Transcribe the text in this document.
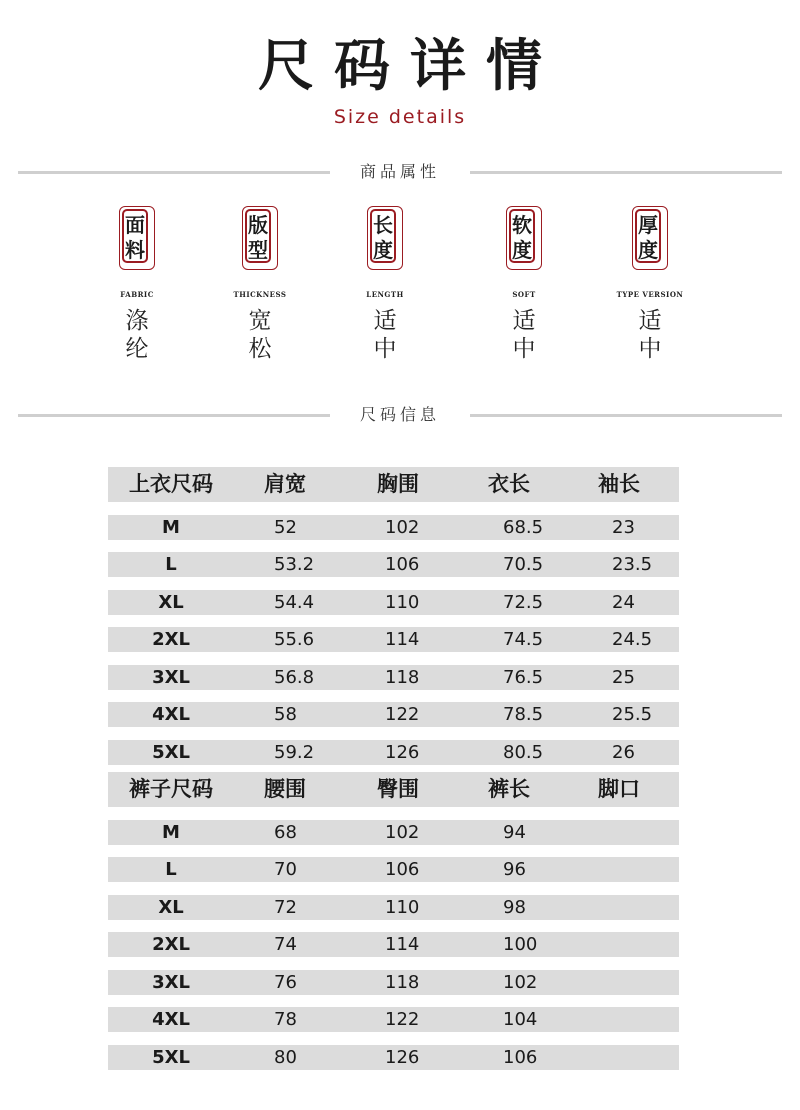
尺码详情
Size details
商品属性
面
料
FABRIC
涤
纶
版
型
THICKNESS
宽
松
长
度
LENGTH
适
中
软
度
SOFT
适
中
厚
度
TYPE VERSION
适
中
尺码信息
上衣尺码	肩宽	胸围	衣长	袖长
M	52	102	68.5	23
L	53.2	106	70.5	23.5
XL	54.4	110	72.5	24
2XL	55.6	114	74.5	24.5
3XL	56.8	118	76.5	25
4XL	58	122	78.5	25.5
5XL	59.2	126	80.5	26
裤子尺码	腰围	臀围	裤长	脚口
M	68	102	94
L	70	106	96
XL	72	110	98
2XL	74	114	100
3XL	76	118	102
4XL	78	122	104
5XL	80	126	106
